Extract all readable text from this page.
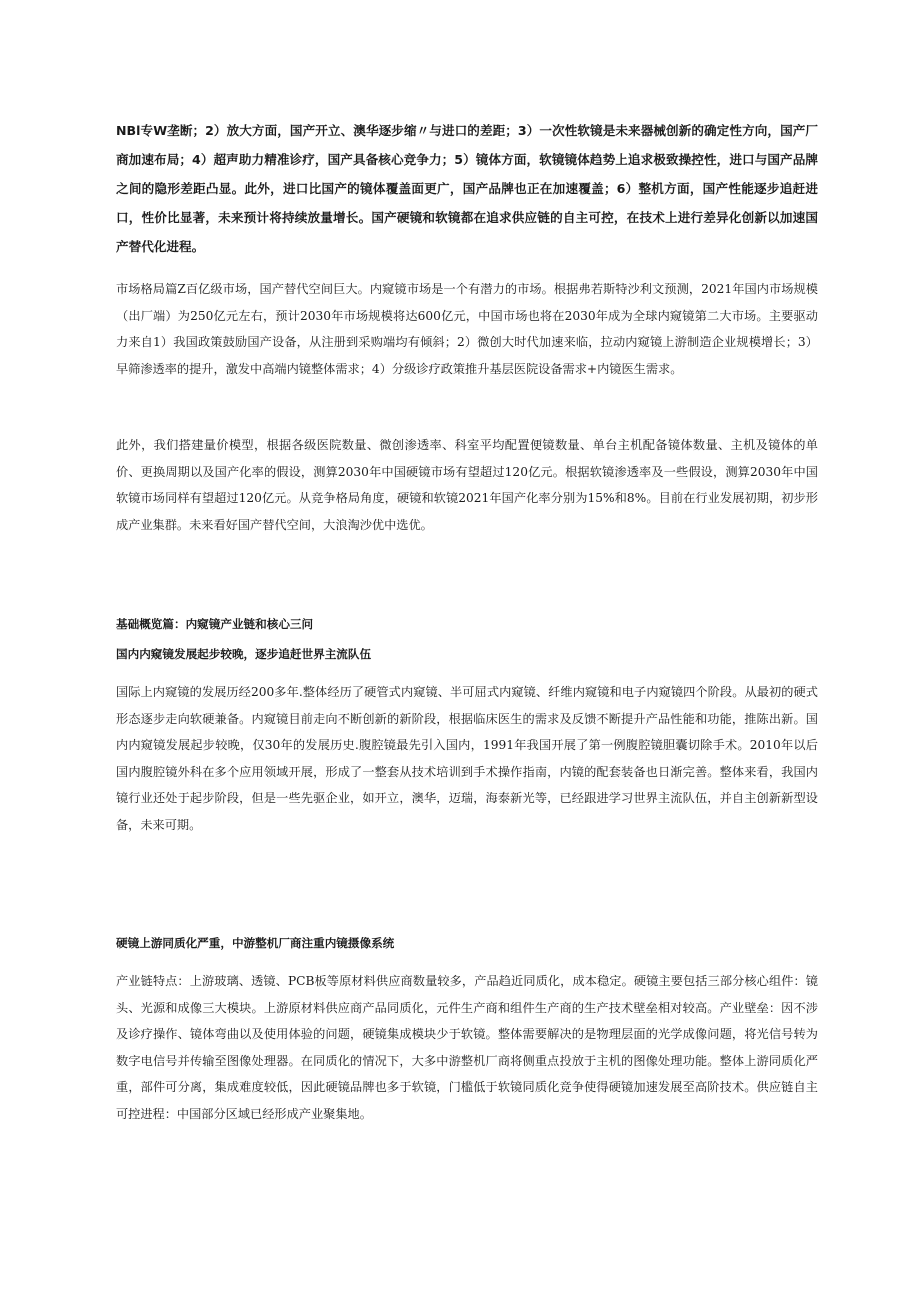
NBl专W垄断；2）放大方面，国产开立、澳华逐步缩〃与进口的差距；3）一次性软镜是未来器械创新的确定性方向，国产厂商加速布局；4）超声助力精准诊疗，国产具备核心竞争力；5）镜体方面，软镜镜体趋势上追求极致操控性，进口与国产品牌之间的隐形差距凸显。此外，进口比国产的镜体覆盖面更广，国产品牌也正在加速覆盖；6）整机方面，国产性能逐步追赶进口，性价比显著，未来预计将持续放量增长。国产硬镜和软镜都在追求供应链的自主可控，在技术上进行差异化创新以加速国产替代化进程。

市场格局篇Z百亿级市场，国产替代空间巨大。内窥镜市场是一个有潜力的市场。根据弗若斯特沙利文预测，2021年国内市场规模（出厂端）为250亿元左右，预计2030年市场规模将达600亿元，中国市场也将在2030年成为全球内窥镜第二大市场。主要驱动力来自1）我国政策鼓励国产设备，从注册到采购端均有倾斜；2）微创大时代加速来临，拉动内窥镜上游制造企业规模增长；3）早筛渗透率的提升，激发中高端内镜整体需求；4）分级诊疗政策推升基层医院设备需求+内镜医生需求。

此外，我们搭建量价模型，根据各级医院数量、微创渗透率、科室平均配置便镜数量、单台主机配备镜体数量、主机及镜体的单价、更换周期以及国产化率的假设，测算2030年中国硬镜市场有望超过120亿元。根据软镜渗透率及一些假设，测算2030年中国软镜市场同样有望超过120亿元。从竞争格局角度，硬镜和软镜2021年国产化率分别为15%和8%。目前在行业发展初期，初步形成产业集群。未来看好国产替代空间，大浪淘沙优中选优。

基础概览篇：内窥镜产业链和核心三问
国内内窥镜发展起步较晚，逐步追赶世界主流队伍

国际上内窥镜的发展历经200多年.整体经历了硬管式内窥镜、半可屈式内窥镜、纤维内窥镜和电子内窥镜四个阶段。从最初的硬式形态逐步走向软硬兼备。内窥镜目前走向不断创新的新阶段，根据临床医生的需求及反馈不断提升产品性能和功能，推陈出新。国内内窥镜发展起步较晚，仅30年的发展历史.腹腔镜最先引入国内，1991年我国开展了第一例腹腔镜胆囊切除手术。2010年以后国内腹腔镜外科在多个应用领域开展，形成了一整套从技术培训到手术操作指南，内镜的配套装备也日渐完善。整体来看，我国内镜行业还处于起步阶段，但是一些先驱企业，如开立，澳华，迈瑞，海泰新光等，已经跟进学习世界主流队伍，并自主创新新型设备，未来可期。

硬镜上游同质化严重，中游整机厂商注重内镜摄像系统

产业链特点：上游玻璃、透镜、PCB板等原材料供应商数量较多，产品趋近同质化，成本稳定。硬镜主要包括三部分核心组件：镜头、光源和成像三大模块。上游原材料供应商产品同质化，元件生产商和组件生产商的生产技术壁垒相对较高。产业壁垒：因不涉及诊疗操作、镜体弯曲以及使用体验的问题，硬镜集成模块少于软镜。整体需要解决的是物理层面的光学成像问题，将光信号转为数字电信号并传输至图像处理器。在同质化的情况下，大多中游整机厂商将侧重点投放于主机的图像处理功能。整体上游同质化严重，部件可分离，集成难度较低，因此硬镜品牌也多于软镜，门槛低于软镜同质化竞争使得硬镜加速发展至高阶技术。供应链自主可控进程：中国部分区域已经形成产业聚集地。
